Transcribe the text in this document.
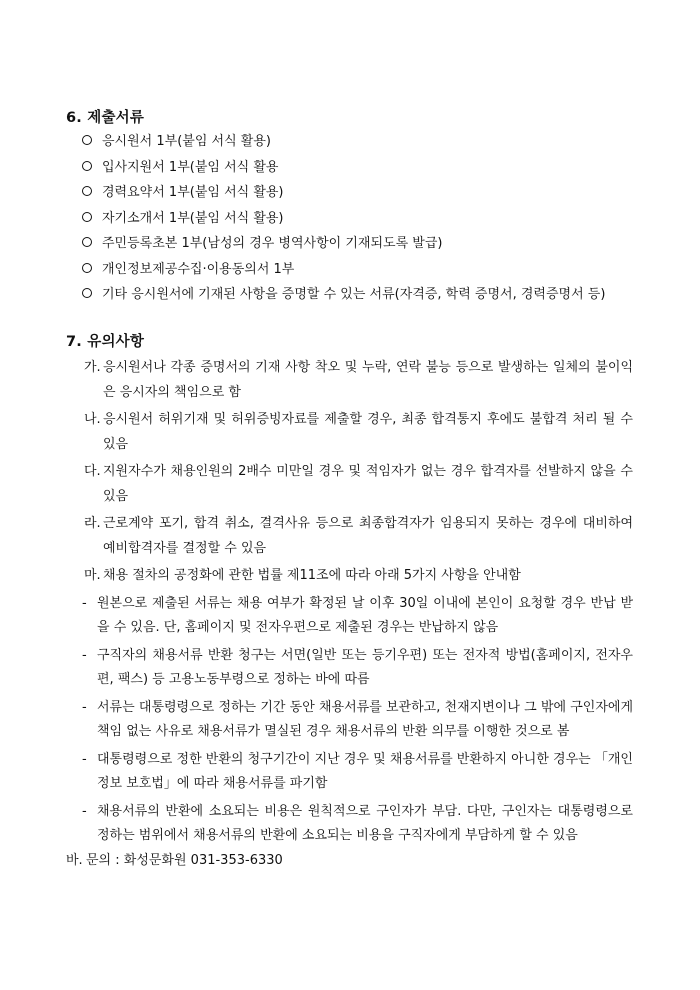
6. 제출서류
응시원서 1부(붙임 서식 활용)
입사지원서 1부(붙임 서식 활용
경력요약서 1부(붙임 서식 활용)
자기소개서 1부(붙임 서식 활용)
주민등록초본 1부(남성의 경우 병역사항이 기재되도록 발급)
개인정보제공수집·이용동의서 1부
기타 응시원서에 기재된 사항을 증명할 수 있는 서류(자격증, 학력 증명서, 경력증명서 등)
7. 유의사항
가. 응시원서나 각종 증명서의 기재 사항 착오 및 누락, 연락 불능 등으로 발생하는 일체의 불이익은 응시자의 책임으로 함
나. 응시원서 허위기재 및 허위증빙자료를 제출할 경우, 최종 합격통지 후에도 불합격 처리 될 수 있음
다. 지원자수가 채용인원의 2배수 미만일 경우 및 적임자가 없는 경우 합격자를 선발하지 않을 수 있음
라. 근로계약 포기, 합격 취소, 결격사유 등으로 최종합격자가 임용되지 못하는 경우에 대비하여 예비합격자를 결정할 수 있음
마. 채용 절차의 공정화에 관한 법률 제11조에 따라 아래 5가지 사항을 안내함
- 원본으로 제출된 서류는 채용 여부가 확정된 날 이후 30일 이내에 본인이 요청할 경우 반납 받을 수 있음. 단, 홈페이지 및 전자우편으로 제출된 경우는 반납하지 않음
- 구직자의 채용서류 반환 청구는 서면(일반 또는 등기우편) 또는 전자적 방법(홈페이지, 전자우편, 팩스) 등 고용노동부령으로 정하는 바에 따름
- 서류는 대통령령으로 정하는 기간 동안 채용서류를 보관하고, 천재지변이나 그 밖에 구인자에게 책임 없는 사유로 채용서류가 멸실된 경우 채용서류의 반환 의무를 이행한 것으로 봄
- 대통령령으로 정한 반환의 청구기간이 지난 경우 및 채용서류를 반환하지 아니한 경우는 「개인정보 보호법」에 따라 채용서류를 파기함
- 채용서류의 반환에 소요되는 비용은 원칙적으로 구인자가 부담. 다만, 구인자는 대통령령으로 정하는 범위에서 채용서류의 반환에 소요되는 비용을 구직자에게 부담하게 할 수 있음
바. 문의 : 화성문화원 031-353-6330
